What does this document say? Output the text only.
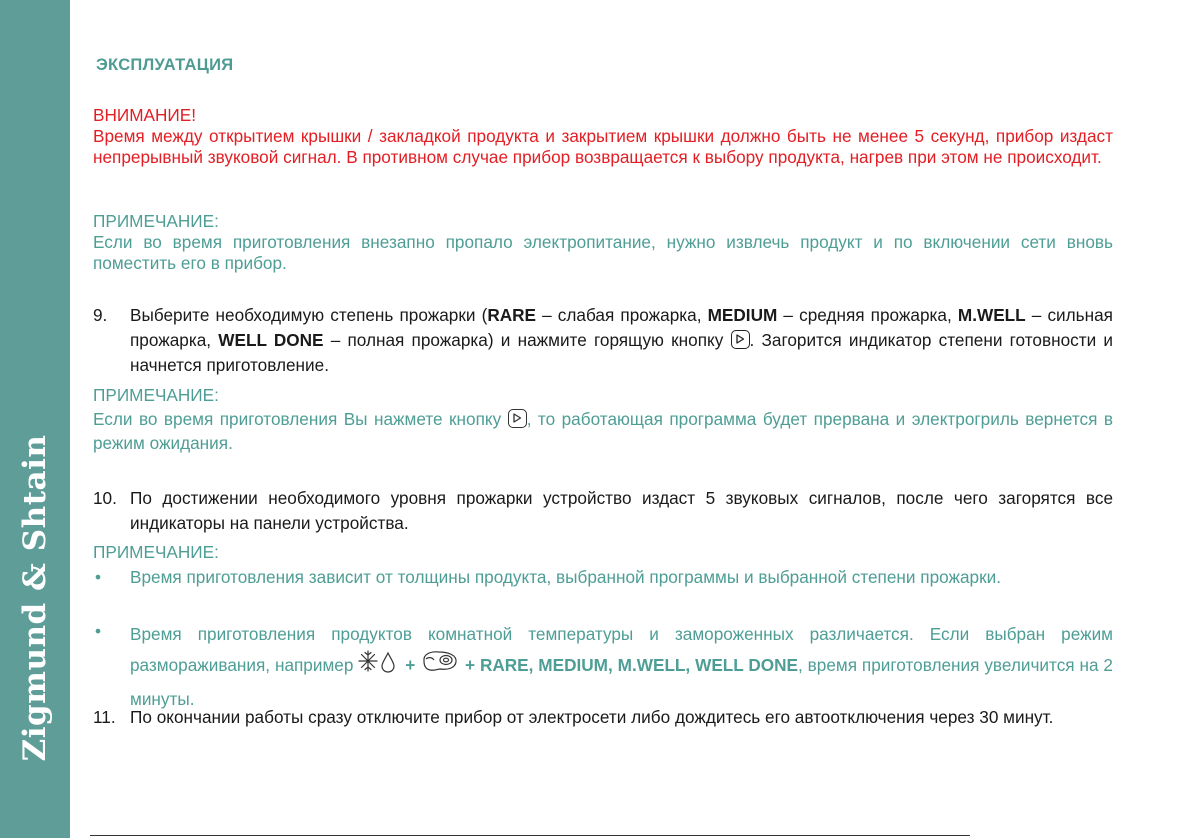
Zigmund & Shtain
ЭКСПЛУАТАЦИЯ

ВНИМАНИЕ!

Время между открытием крышки / закладкой продукта и закрытием крышки должно быть не менее 5 секунд, прибор издаст непрерывный звуковой сигнал. В противном случае прибор возвращается к выбору продукта, нагрев при этом не происходит.

ПРИМЕЧАНИЕ:

Если во время приготовления внезапно пропало электропитание, нужно извлечь продукт и по включении сети вновь поместить его в прибор.

9. Выберите необходимую степень прожарки (RARE – слабая прожарка, MEDIUM – средняя прожарка, M.WELL – сильная прожарка, WELL DONE – полная прожарка) и нажмите горящую кнопку
. Загорится индикатор степени готовности и начнется приготовление.
ПРИМЕЧАНИЕ:
Если во время приготовления Вы нажмете кнопку
, то работающая программа будет прервана и электрогриль вернется в режим ожидания.
10. По достижении необходимого уровня прожарки устройство издаст 5 звуковых сигналов, после чего загорятся все индикаторы на панели устройства.
ПРИМЕЧАНИЕ:
• Время приготовления зависит от толщины продукта, выбранной программы и выбранной степени прожарки.
• Время приготовления продуктов комнатной температуры и замороженных различается. Если выбран режим размораживания, например	+	+ RARE, MEDIUM, M.WELL, WELL DONE, время приготовления увеличится на 2 минуты.
11. По окончании работы сразу отключите прибор от электросети либо дождитесь его автоотключения через 30 минут.
